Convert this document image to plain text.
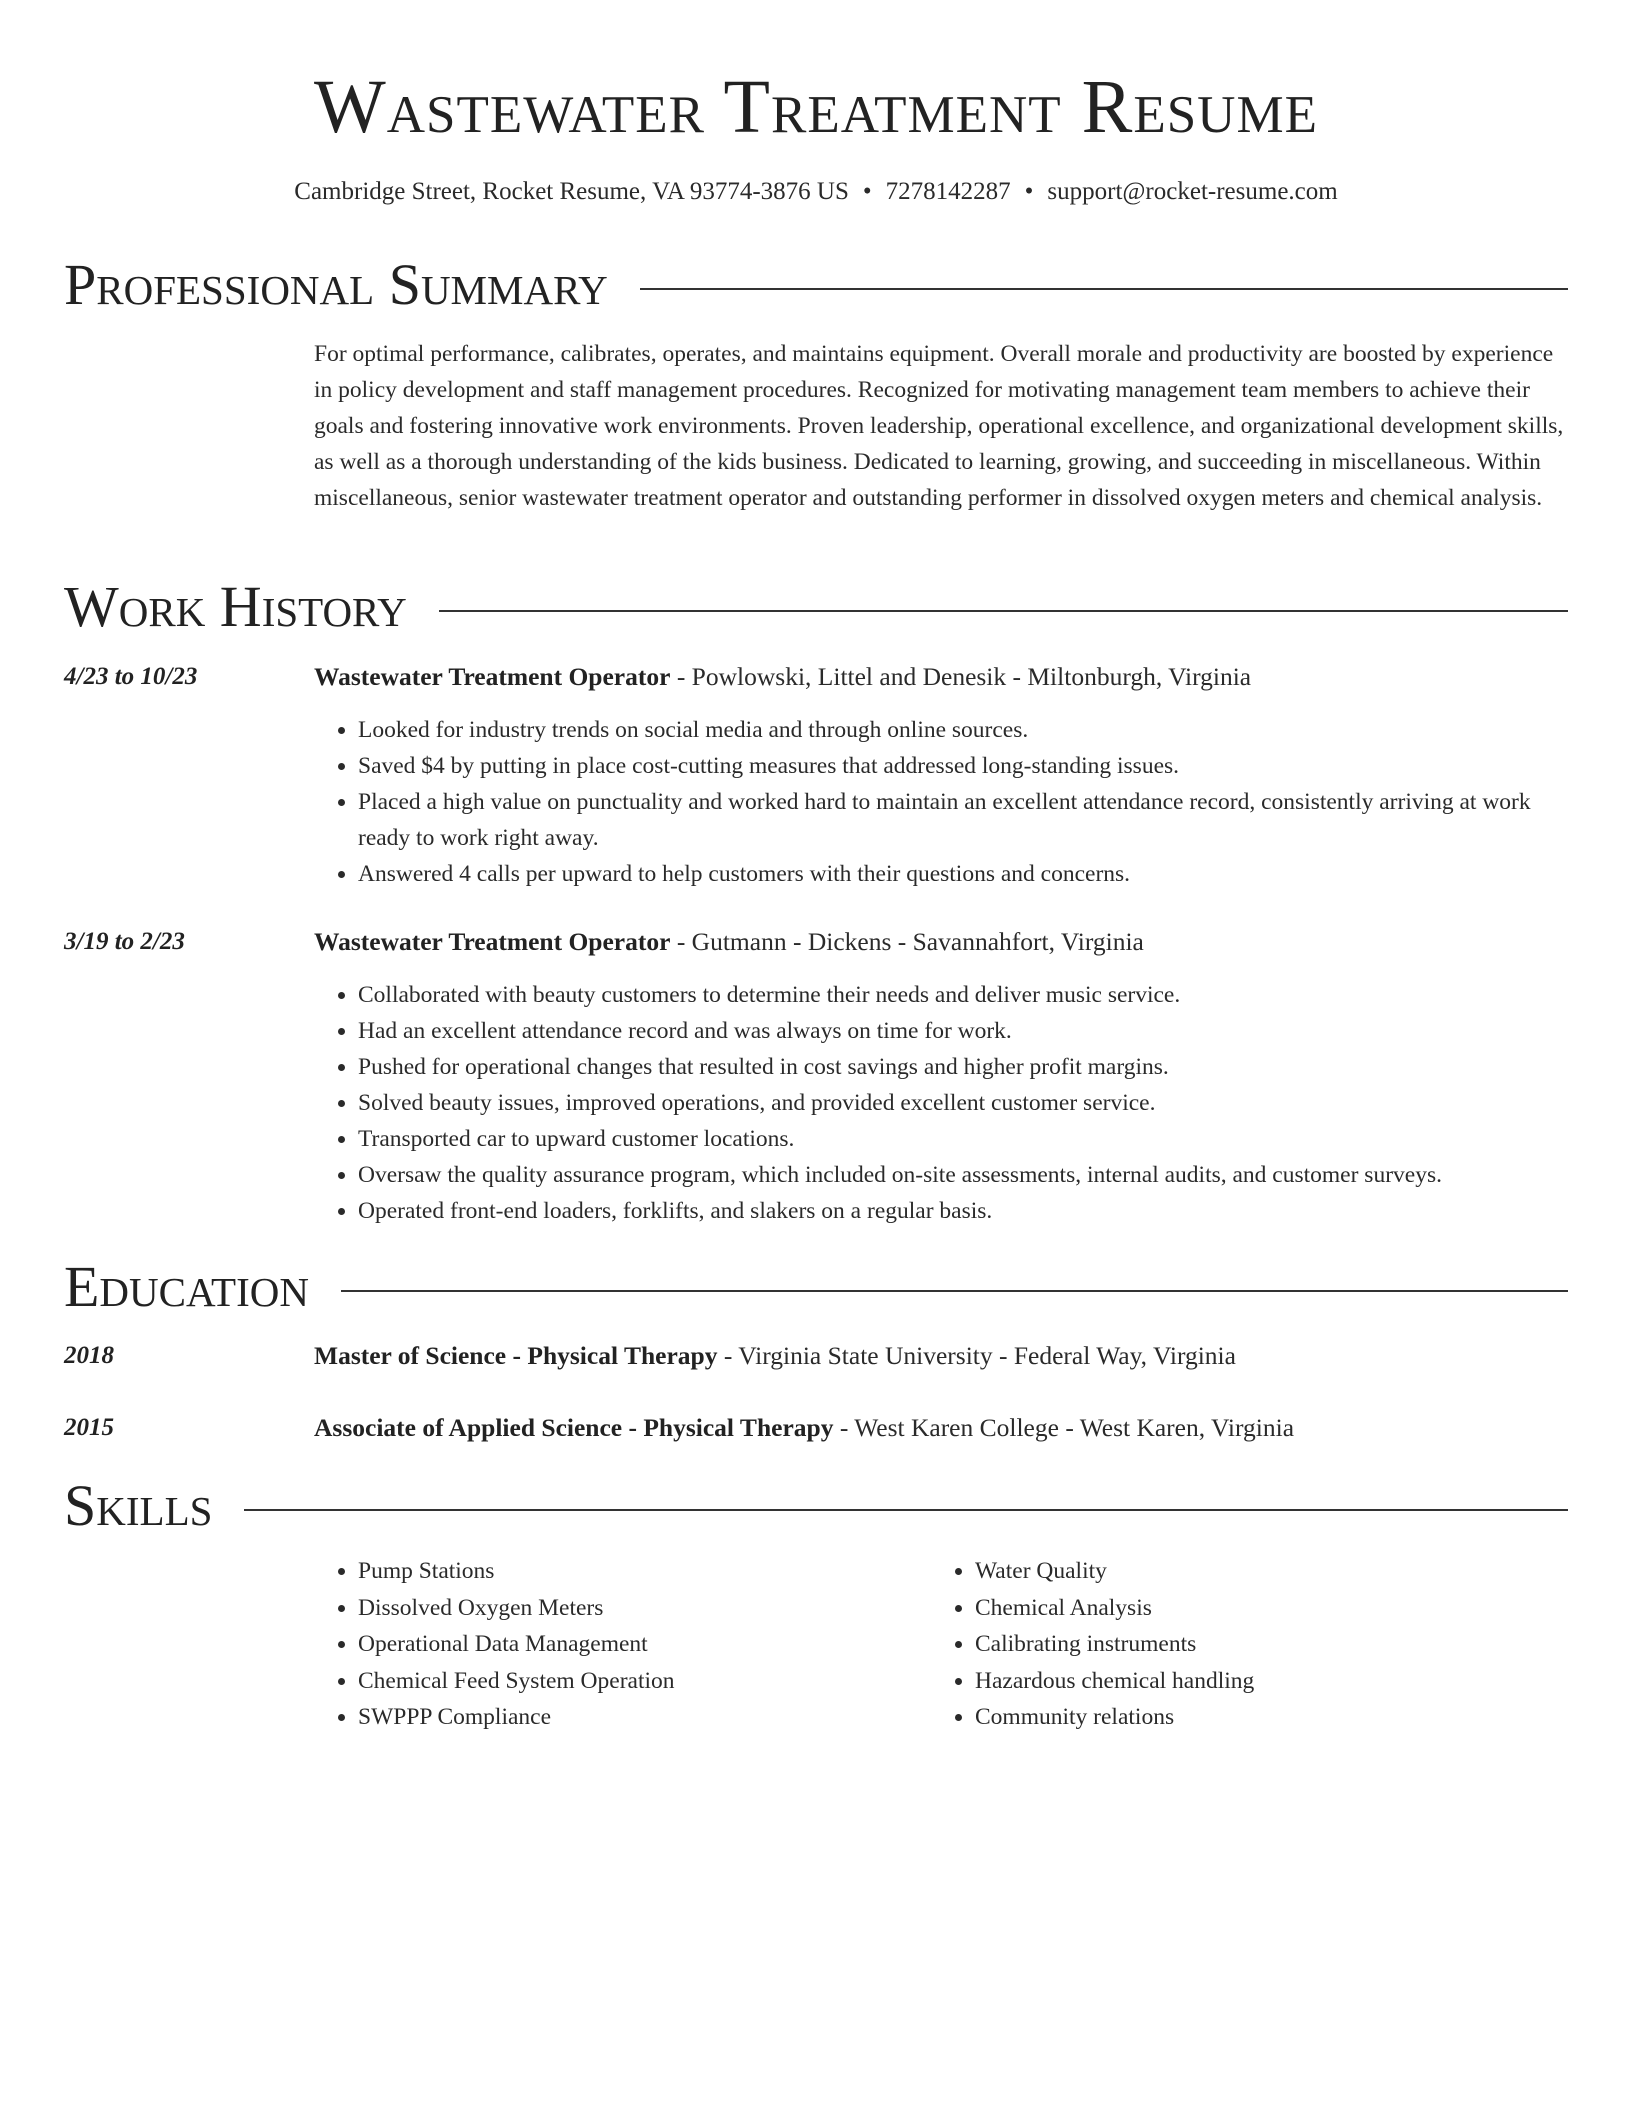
Wastewater Treatment Resume
Cambridge Street, Rocket Resume, VA 93774-3876 US • 7278142287 • support@rocket-resume.com
Professional Summary

For optimal performance, calibrates, operates, and maintains equipment. Overall morale and productivity are boosted by experience in policy development and staff management procedures. Recognized for motivating management team members to achieve their goals and fostering innovative work environments. Proven leadership, operational excellence, and organizational development skills, as well as a thorough understanding of the kids business. Dedicated to learning, growing, and succeeding in miscellaneous. Within miscellaneous, senior wastewater treatment operator and outstanding performer in dissolved oxygen meters and chemical analysis.

Work History
4/23 to 10/23	Wastewater Treatment Operator - Powlowski, Littel and Denesik - Miltonburgh, Virginia
• Looked for industry trends on social media and through online sources.
• Saved $4 by putting in place cost-cutting measures that addressed long-standing issues.
• Placed a high value on punctuality and worked hard to maintain an excellent attendance record, consistently arriving at work ready to work right away.
• Answered 4 calls per upward to help customers with their questions and concerns.
3/19 to 2/23	Wastewater Treatment Operator - Gutmann - Dickens - Savannahfort, Virginia
• Collaborated with beauty customers to determine their needs and deliver music service.
• Had an excellent attendance record and was always on time for work.
• Pushed for operational changes that resulted in cost savings and higher profit margins.
• Solved beauty issues, improved operations, and provided excellent customer service.
• Transported car to upward customer locations.
• Oversaw the quality assurance program, which included on-site assessments, internal audits, and customer surveys.
• Operated front-end loaders, forklifts, and slakers on a regular basis.
Education
2018	Master of Science - Physical Therapy - Virginia State University - Federal Way, Virginia
2015	Associate of Applied Science - Physical Therapy - West Karen College - West Karen, Virginia
Skills
• Pump Stations
• Dissolved Oxygen Meters
• Operational Data Management
• Chemical Feed System Operation
• SWPPP Compliance
• Water Quality
• Chemical Analysis
• Calibrating instruments
• Hazardous chemical handling
• Community relations
